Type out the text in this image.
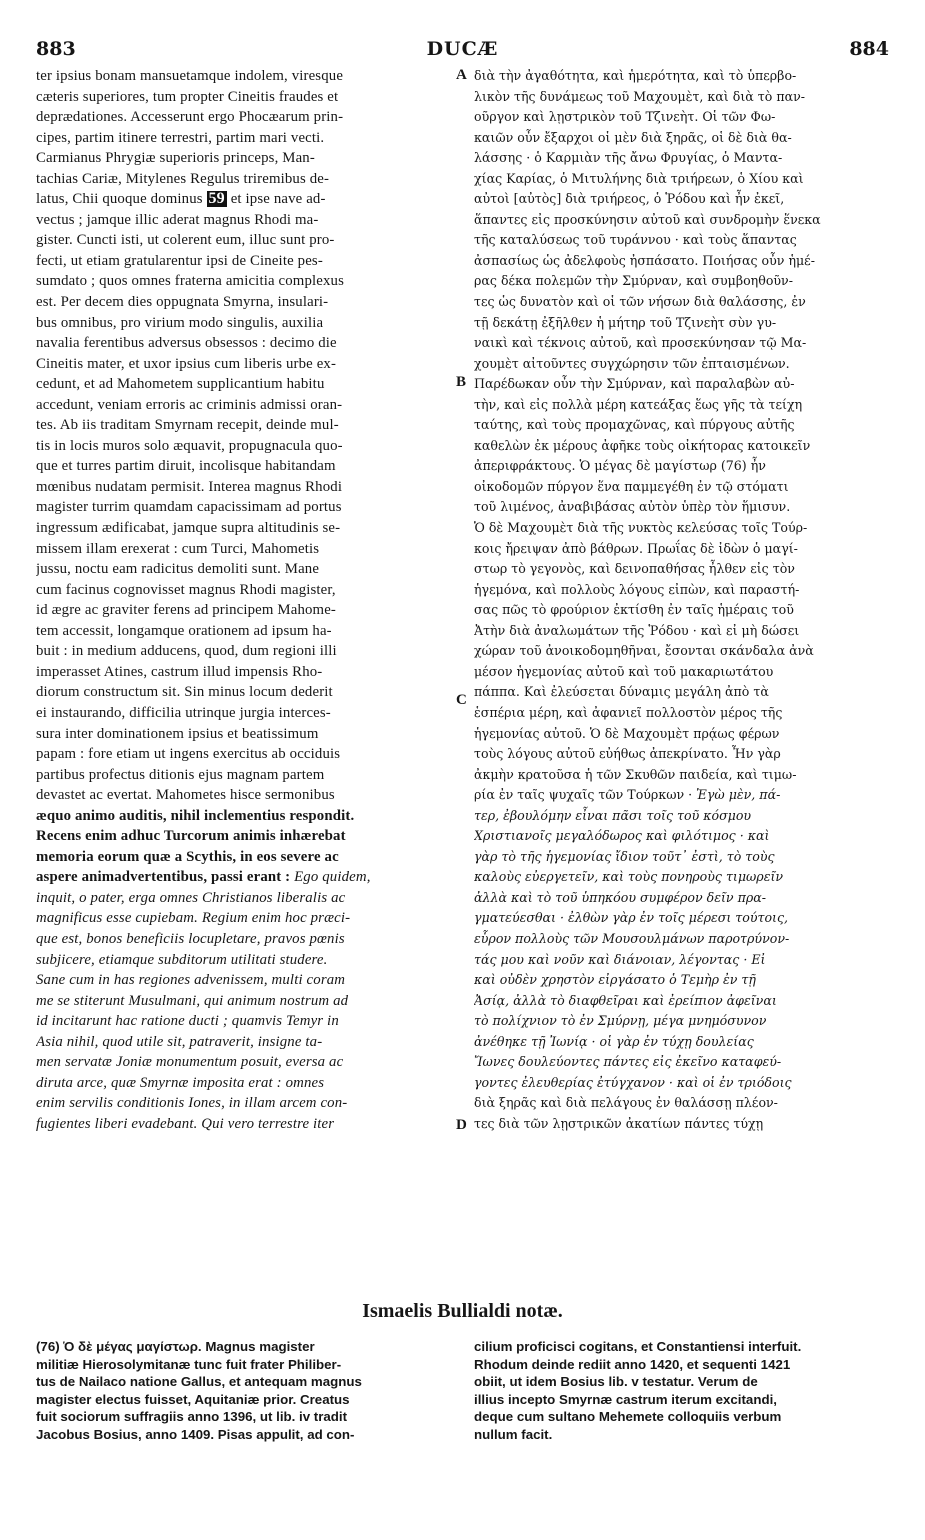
883	DUCÆ	884
ter ipsius bonam mansuetamque indolem, viresque
cæteris superiores, tum propter Cineitis fraudes et
deprædationes. Accesserunt ergo Phocæarum prin-
cipes, partim itinere terrestri, partim mari vecti.
Carmianus Phrygiæ superioris princeps, Man-
tachias Cariæ, Mitylenes Regulus triremibus de-
latus, Chii quoque dominus 59 et ipse nave ad-
vectus ; jamque illic aderat magnus Rhodi ma-
gister. Cuncti isti, ut colerent eum, illuc sunt pro-
fecti, ut etiam gratularentur ipsi de Cineite pes-
sumdato ; quos omnes fraterna amicitia complexus
est. Per decem dies oppugnata Smyrna, insulari-
bus omnibus, pro virium modo singulis, auxilia
navalia ferentibus adversus obsessos : decimo die
Cineitis mater, et uxor ipsius cum liberis urbe ex-
cedunt, et ad Mahometem supplicantium habitu
accedunt, veniam erroris ac criminis admissi oran-
tes. Ab iis traditam Smyrnam recepit, deinde mul-
tis in locis muros solo æquavit, propugnacula quo-
que et turres partim diruit, incolisque habitandam
mœnibus nudatam permisit. Interea magnus Rhodi
magister turrim quamdam capacissimam ad portus
ingressum ædificabat, jamque supra altitudinis se-
missem illam erexerat : cum Turci, Mahometis
jussu, noctu eam radicitus demoliti sunt. Mane
cum facinus cognovisset magnus Rhodi magister,
id ægre ac graviter ferens ad principem Mahome-
tem accessit, longamque orationem ad ipsum ha-
buit : in medium adducens, quod, dum regioni illi
imperasset Atines, castrum illud impensis Rho-
diorum constructum sit. Sin minus locum dederit
ei instaurando, difficilia utrinque jurgia interces-
sura inter dominationem ipsius et beatissimum
papam : fore etiam ut ingens exercitus ab occiduis
partibus profectus ditionis ejus magnam partem
devastet ac evertat. Mahometes hisce sermonibus
æquo animo auditis, nihil inclementius respondit.
Recens enim adhuc Turcorum animis inhærebat
memoria eorum quæ a Scythis, in eos severe ac
aspere animadvertentibus, passi erant : Ego quidem,
inquit, o pater, erga omnes Christianos liberalis ac
magnificus esse cupiebam. Regium enim hoc præci-
que est, bonos beneficiis locupletare, pravos pœnis
subjicere, etiamque subditorum utilitati studere.
Sane cum in has regiones advenissem, multi coram
me se stiterunt Musulmani, qui animum nostrum ad
id incitarunt hac ratione ducti ; quamvis Temyr in
Asia nihil, quod utile sit, patraverit, insigne ta-
men servatæ Joniæ monumentum posuit, eversa ac
diruta arce, quæ Smyrnæ imposita erat : omnes
enim servilis conditionis Iones, in illam arcem con-
fugientes liberi evadebant. Qui vero terrestre iter
διὰ τὴν ἀγαθότητα, καὶ ἡμερότητα, καὶ τὸ ὑπερβο-
λικὸν τῆς δυνάμεως τοῦ Μαχουμὲτ, καὶ διὰ τὸ παν-
οῦργον καὶ λῃστρικὸν τοῦ Τζινεὴτ. Οἱ τῶν Φω-
καιῶν οὖν ἔξαρχοι οἱ μὲν διὰ ξηρᾶς, οἱ δὲ διὰ θα-
λάσσης · ὁ Καρμιὰν τῆς ἄνω Φρυγίας, ὁ Μαντα-
χίας Καρίας, ὁ Μιτυλήνης διὰ τριήρεων, ὁ Χίου καὶ
αὐτοὶ [αὐτὸς] διὰ τριήρεος, ὁ Ῥόδου καὶ ἦν ἐκεῖ,
ἅπαντες εἰς προσκύνησιν αὐτοῦ καὶ συνδρομὴν ἕνεκα
τῆς καταλύσεως τοῦ τυράννου · καὶ τοὺς ἅπαντας
ἀσπασίως ὡς ἀδελφοὺς ἠσπάσατο. Ποιήσας οὖν ἡμέ-
ρας δέκα πολεμῶν τὴν Σμύρναν, καὶ συμβοηθοῦν-
τες ὡς δυνατὸν καὶ οἱ τῶν νήσων διὰ θαλάσσης, ἐν
τῇ δεκάτῃ ἐξῆλθεν ἡ μήτηρ τοῦ Τζινεὴτ σὺν γυ-
ναικὶ καὶ τέκνοις αὐτοῦ, καὶ προσεκύνησαν τῷ Μα-
χουμὲτ αἰτοῦντες συγχώρησιν τῶν ἐπταισμένων.
Παρέδωκαν οὖν τὴν Σμύρναν, καὶ παραλαβὼν αὐ-
τὴν, καὶ εἰς πολλὰ μέρη κατεάξας ἕως γῆς τὰ τείχη
ταύτης, καὶ τοὺς προμαχῶνας, καὶ πύργους αὐτῆς
καθελὼν ἐκ μέρους ἀφῆκε τοὺς οἰκήτορας κατοικεῖν
ἀπεριφράκτους. Ὁ μέγας δὲ μαγίστωρ (76) ἦν
οἰκοδομῶν πύργον ἕνα παμμεγέθη ἐν τῷ στόματι
τοῦ λιμένος, ἀναβιβάσας αὐτὸν ὑπὲρ τὸν ἥμισυν.
Ὁ δὲ Μαχουμὲτ διὰ τῆς νυκτὸς κελεύσας τοῖς Τούρ-
κοις ἤρειψαν ἀπὸ βάθρων. Πρωΐας δὲ ἰδὼν ὁ μαγί-
στωρ τὸ γεγονὸς, καὶ δεινοπαθήσας ἦλθεν εἰς τὸν
ἡγεμόνα, καὶ πολλοὺς λόγους εἰπὼν, καὶ παραστή-
σας πῶς τὸ φρούριον ἐκτίσθη ἐν ταῖς ἡμέραις τοῦ
Ἀτὴν διὰ ἀναλωμάτων τῆς Ῥόδου · καὶ εἰ μὴ δώσει
χώραν τοῦ ἀνοικοδομηθῆναι, ἔσονται σκάνδαλα ἀνὰ
μέσον ἡγεμονίας αὐτοῦ καὶ τοῦ μακαριωτάτου
πάππα. Καὶ ἐλεύσεται δύναμις μεγάλη ἀπὸ τὰ
ἑσπέρια μέρη, καὶ ἀφανιεῖ πολλοστὸν μέρος τῆς
ἡγεμονίας αὐτοῦ. Ὁ δὲ Μαχουμὲτ πρᾴως φέρων
τοὺς λόγους αὐτοῦ εὐήθως ἀπεκρίνατο. Ἦν γὰρ
ἀκμὴν κρατοῦσα ἡ τῶν Σκυθῶν παιδεία, καὶ τιμω-
ρία ἐν ταῖς ψυχαῖς τῶν Τούρκων · Ἐγὼ μὲν, πά-
τερ, ἐβουλόμην εἶναι πᾶσι τοῖς τοῦ κόσμου
Χριστιανοῖς μεγαλόδωρος καὶ φιλότιμος · καὶ
γὰρ τὸ τῆς ἡγεμονίας ἴδιον τοῦτ᾽ ἐστὶ, τὸ τοὺς
καλοὺς εὐεργετεῖν, καὶ τοὺς πονηροὺς τιμωρεῖν
ἀλλὰ καὶ τὸ τοῦ ὑπηκόου συμφέρον δεῖν πρα-
γματεύεσθαι · ἐλθὼν γὰρ ἐν τοῖς μέρεσι τούτοις,
εὗρον πολλοὺς τῶν Μουσουλμάνων παροτρύνον-
τάς μου καὶ νοῦν καὶ διάνοιαν, λέγοντας · Εἰ
καὶ οὐδὲν χρηστὸν εἰργάσατο ὁ Τεμὴρ ἐν τῇ
Ἀσίᾳ, ἀλλὰ τὸ διαφθεῖραι καὶ ἐρείπιον ἀφεῖναι
τὸ πολίχνιον τὸ ἐν Σμύρνῃ, μέγα μνημόσυνον
ἀνέθηκε τῇ Ἰωνίᾳ · οἱ γὰρ ἐν τύχῃ δουλείας
Ἴωνες δουλεύοντες πάντες εἰς ἐκεῖνο καταφεύ-
γοντες ἐλευθερίας ἐτύγχανον · καὶ οἱ ἐν τριόδοις
διὰ ξηρᾶς καὶ διὰ πελάγους ἐν θαλάσσῃ πλέον-
τες διὰ τῶν λῃστρικῶν ἀκατίων πάντες τύχῃ
A
B
C
D
Ismaelis Bullialdi notæ.
(76) Ὁ δὲ μέγας μαγίστωρ. Magnus magister
militiæ Hierosolymitanæ tunc fuit frater Philiber-
tus de Nailaco natione Gallus, et antequam magnus
magister electus fuisset, Aquitaniæ prior. Creatus
fuit sociorum suffragiis anno 1396, ut lib. iv tradit
Jacobus Bosius, anno 1409. Pisas appulit, ad con-
cilium proficisci cogitans, et Constantiensi interfuit.
Rhodum deinde rediit anno 1420, et sequenti 1421
obiit, ut idem Bosius lib. v testatur. Verum de
illius incepto Smyrnæ castrum iterum excitandi,
deque cum sultano Mehemete colloquiis verbum
nullum facit.
